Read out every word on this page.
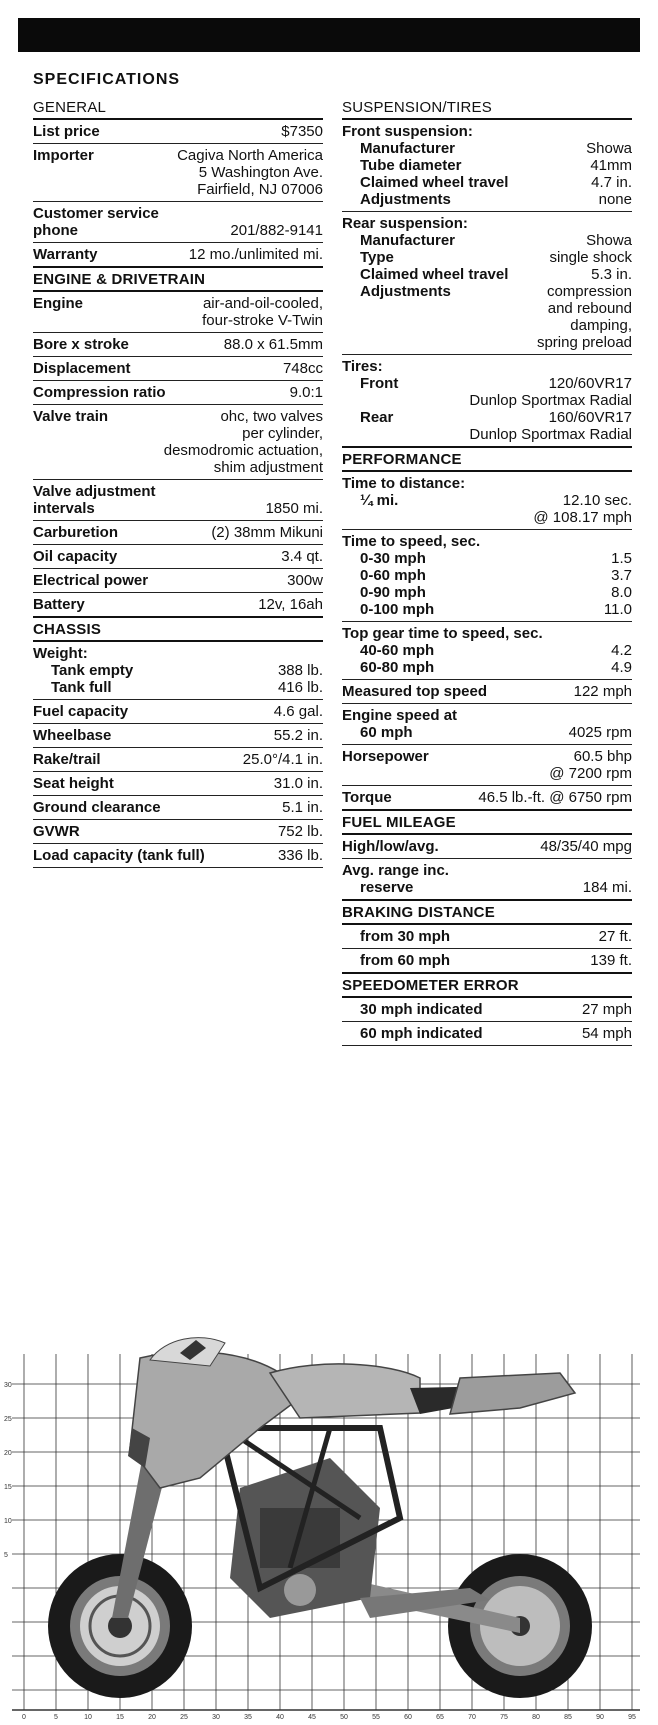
SPECIFICATIONS
GENERAL
List price	$7350
Importer	Cagiva North America
5 Washington Ave.
Fairfield, NJ 07006
Customer service
phone	201/882-9141
Warranty	12 mo./unlimited mi.
ENGINE & DRIVETRAIN
Engine	air-and-oil-cooled,
four-stroke V-Twin
Bore x stroke	88.0 x 61.5mm
Displacement	748cc
Compression ratio	9.0:1
Valve train	ohc, two valves
per cylinder,
desmodromic actuation,
shim adjustment
Valve adjustment
intervals	1850 mi.
Carburetion	(2) 38mm Mikuni
Oil capacity	3.4 qt.
Electrical power	300w
Battery	12v, 16ah
CHASSIS
Weight:
Tank empty	388 lb.
Tank full	416 lb.
Fuel capacity	4.6 gal.
Wheelbase	55.2 in.
Rake/trail	25.0°/4.1 in.
Seat height	31.0 in.
Ground clearance	5.1 in.
GVWR	752 lb.
Load capacity (tank full)	336 lb.
SUSPENSION/TIRES
Front suspension:
Manufacturer	Showa
Tube diameter	41mm
Claimed wheel travel	4.7 in.
Adjustments	none
Rear suspension:
Manufacturer	Showa
Type	single shock
Claimed wheel travel	5.3 in.
Adjustments	compression
and rebound
damping,
spring preload
Tires:
Front	120/60VR17
Dunlop Sportmax Radial
Rear	160/60VR17
Dunlop Sportmax Radial
PERFORMANCE
Time to distance:
¼ mi.	12.10 sec.
@ 108.17 mph
Time to speed, sec.
0-30 mph	1.5
0-60 mph	3.7
0-90 mph	8.0
0-100 mph	11.0
Top gear time to speed, sec.
40-60 mph	4.2
60-80 mph	4.9
Measured top speed	122 mph
Engine speed at
60 mph	4025 rpm
Horsepower	60.5 bhp
@ 7200 rpm
Torque	46.5 lb.-ft. @ 6750 rpm
FUEL MILEAGE
High/low/avg.	48/35/40 mpg
Avg. range inc.
reserve	184 mi.
BRAKING DISTANCE
from 30 mph	27 ft.
from 60 mph	139 ft.
SPEEDOMETER ERROR
30 mph indicated	27 mph
60 mph indicated	54 mph
30
25
20
15
10
5
0	5	10	15	20	25	30	35	40	45	50	55	60	65	70	75	80	85	90	95
